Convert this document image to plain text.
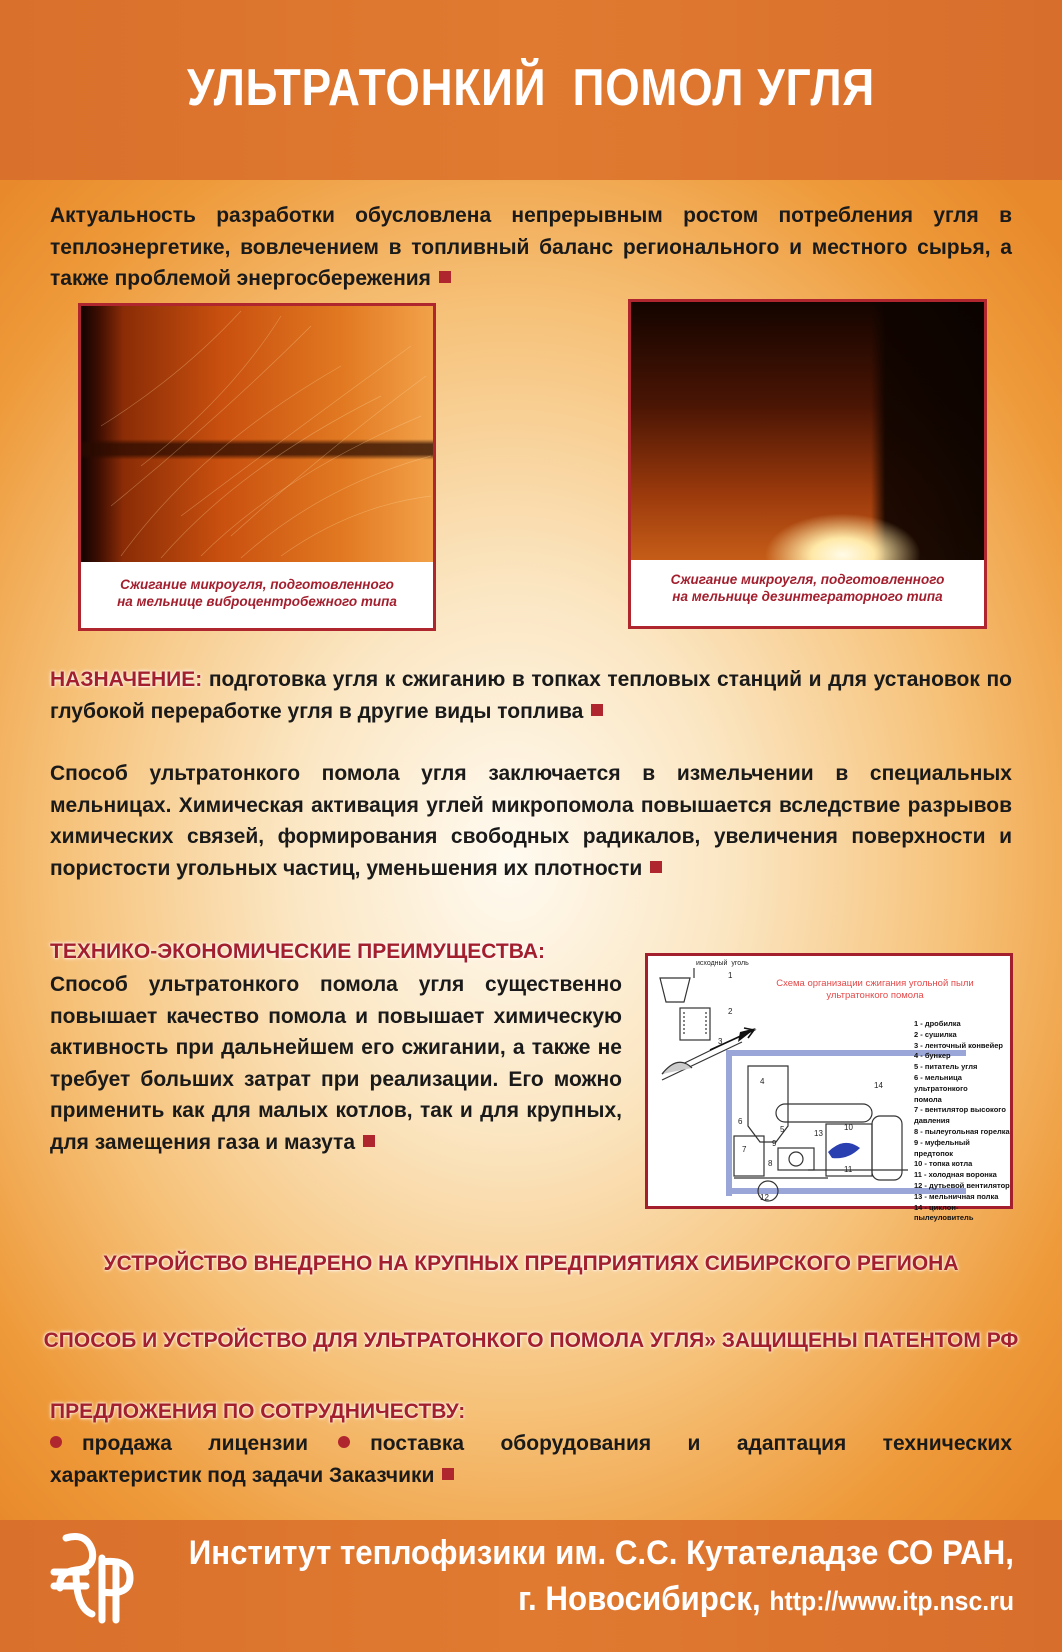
УЛЬТРАТОНКИЙ  ПОМОЛ УГЛЯ
Актуальность разработки обусловлена непрерывным ростом потребления угля в теплоэнергетике, вовлечением в топливный баланс регионального и местного сырья, а также проблемой энергосбережения
Сжигание микроугля, подготовленного
на мельнице виброцентробежного типа
Сжигание микроугля, подготовленного
на мельнице дезинтеграторного типа
НАЗНАЧЕНИЕ: подготовка угля к сжиганию в топках тепловых станций и для установок по глубокой переработке угля в другие виды топлива
Способ ультратонкого помола угля заключается в измельчении в специальных мельницах. Химическая активация углей микропомола повышается вследствие разрывов химических связей, формирования свободных радикалов, увеличения поверхности и пористости угольных частиц, уменьшения их плотности
ТЕХНИКО-ЭКОНОМИЧЕСКИЕ ПРЕИМУЩЕСТВА:
Способ ультратонкого помола угля существенно повышает качество помола и повышает химическую активность при дальнейшем его сжигании, а также не требует больших затрат при реализации. Его можно применить как для малых котлов, так и для крупных, для замещения газа и мазута
1
2
3
4
5
6
7
8
9
10
11
12
13
14
исходный  уголь
Схема организации сжигания угольной пыли
ультратонкого помола
1 - дробилка
2 - сушилка
3 - ленточный конвейер
4 - бункер
5 - питатель угля
6 - мельница ультратонкого
помола
7 - вентилятор высокого
давления
8 - пылеугольная горелка
9 - муфельный предтопок
10 - топка котла
11 - холодная воронка
12 - дутьевой вентилятор
13 - мельничная полка
14 - циклон-пылеуловитель
УСТРОЙСТВО ВНЕДРЕНО НА КРУПНЫХ ПРЕДПРИЯТИЯХ СИБИРСКОГО РЕГИОНА
СПОСОБ И УСТРОЙСТВО ДЛЯ УЛЬТРАТОНКОГО ПОМОЛА УГЛЯ» ЗАЩИЩЕНЫ ПАТЕНТОМ РФ
ПРЕДЛОЖЕНИЯ ПО СОТРУДНИЧЕСТВУ:
продажа лицензии	поставка оборудования и адаптация технических характеристик под задачи Заказчики
Институт теплофизики им. С.С. Кутателадзе СО РАН,
г. Новосибирск, http://www.itp.nsc.ru
